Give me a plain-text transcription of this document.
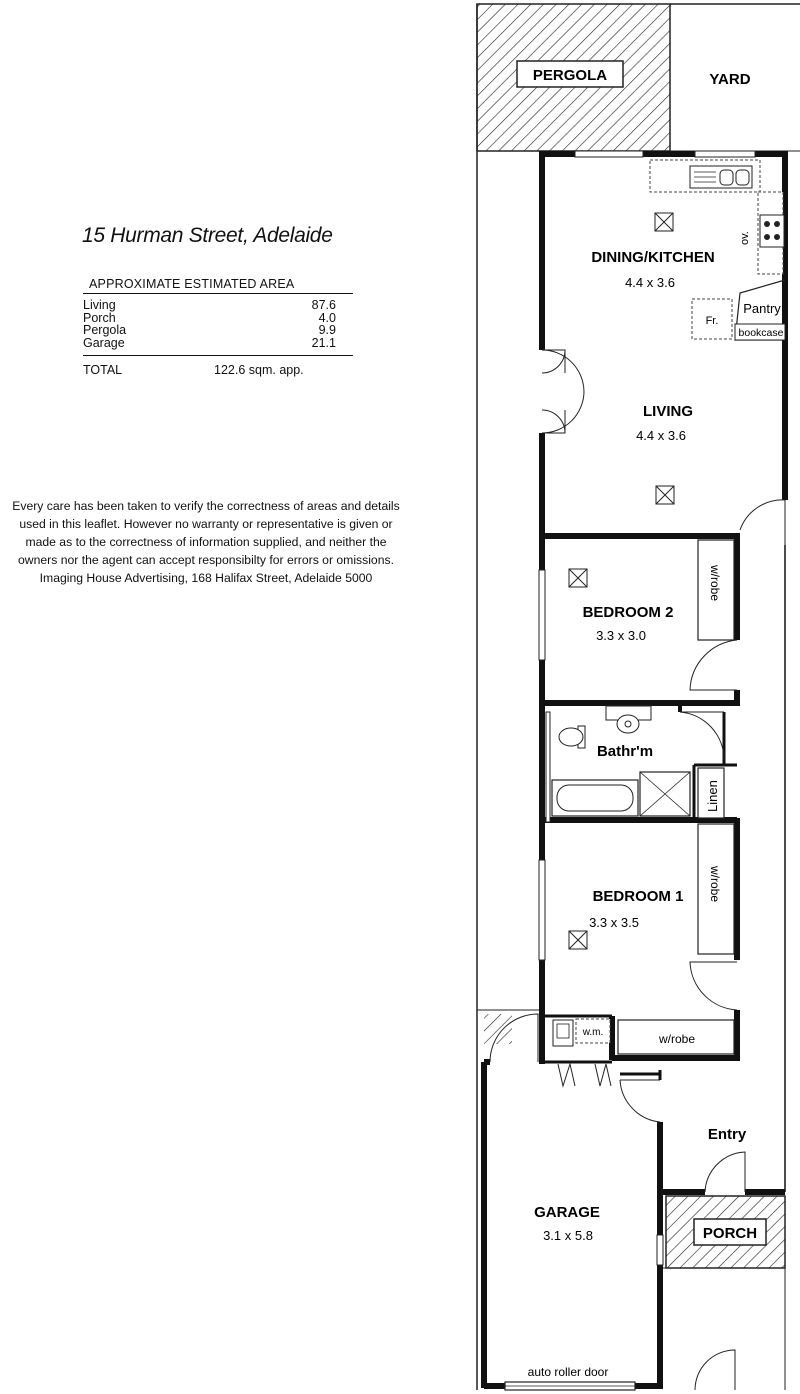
15 Hurman Street, Adelaide
APPROXIMATE ESTIMATED AREA
Living	87.6
Porch	4.0
Pergola	9.9
Garage	21.1
TOTAL	122.6 sqm. app.
Every care has been taken to verify the correctness of areas and details
used in this leaflet. However no warranty or representative is given or
made as to the correctness of information supplied, and neither the
owners nor the agent can accept responsibilty for errors or omissions.
Imaging House Advertising, 168 Halifax Street, Adelaide 5000
ov.
w/robe
Linen
w/robe
PERGOLA	YARD
DINING/KITCHEN
4.4 x 3.6
Pantry
bookcase
Fr.
LIVING
4.4 x 3.6
BEDROOM 2
3.3 x 3.0
Bathr'm
BEDROOM 1
3.3 x 3.5
w.m.	w/robe
Entry
PORCH
GARAGE
3.1 x 5.8
auto roller door
